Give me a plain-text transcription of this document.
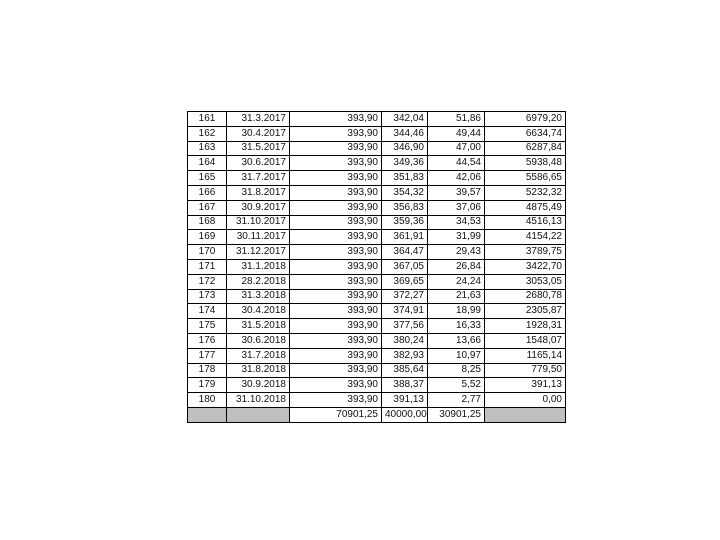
161	31.3.2017	393,90	342,04	51,86	6979,20
162	30.4.2017	393,90	344,46	49,44	6634,74
163	31.5.2017	393,90	346,90	47,00	6287,84
164	30.6.2017	393,90	349,36	44,54	5938,48
165	31.7.2017	393,90	351,83	42,06	5586,65
166	31.8.2017	393,90	354,32	39,57	5232,32
167	30.9.2017	393,90	356,83	37,06	4875,49
168	31.10.2017	393,90	359,36	34,53	4516,13
169	30.11.2017	393,90	361,91	31,99	4154,22
170	31.12.2017	393,90	364,47	29,43	3789,75
171	31.1.2018	393,90	367,05	26,84	3422,70
172	28.2.2018	393,90	369,65	24,24	3053,05
173	31.3.2018	393,90	372,27	21,63	2680,78
174	30.4.2018	393,90	374,91	18,99	2305,87
175	31.5.2018	393,90	377,56	16,33	1928,31
176	30.6.2018	393,90	380,24	13,66	1548,07
177	31.7.2018	393,90	382,93	10,97	1165,14
178	31.8.2018	393,90	385,64	8,25	779,50
179	30.9.2018	393,90	388,37	5,52	391,13
180	31.10.2018	393,90	391,13	2,77	0,00
		70901,25	40000,00	30901,25	
